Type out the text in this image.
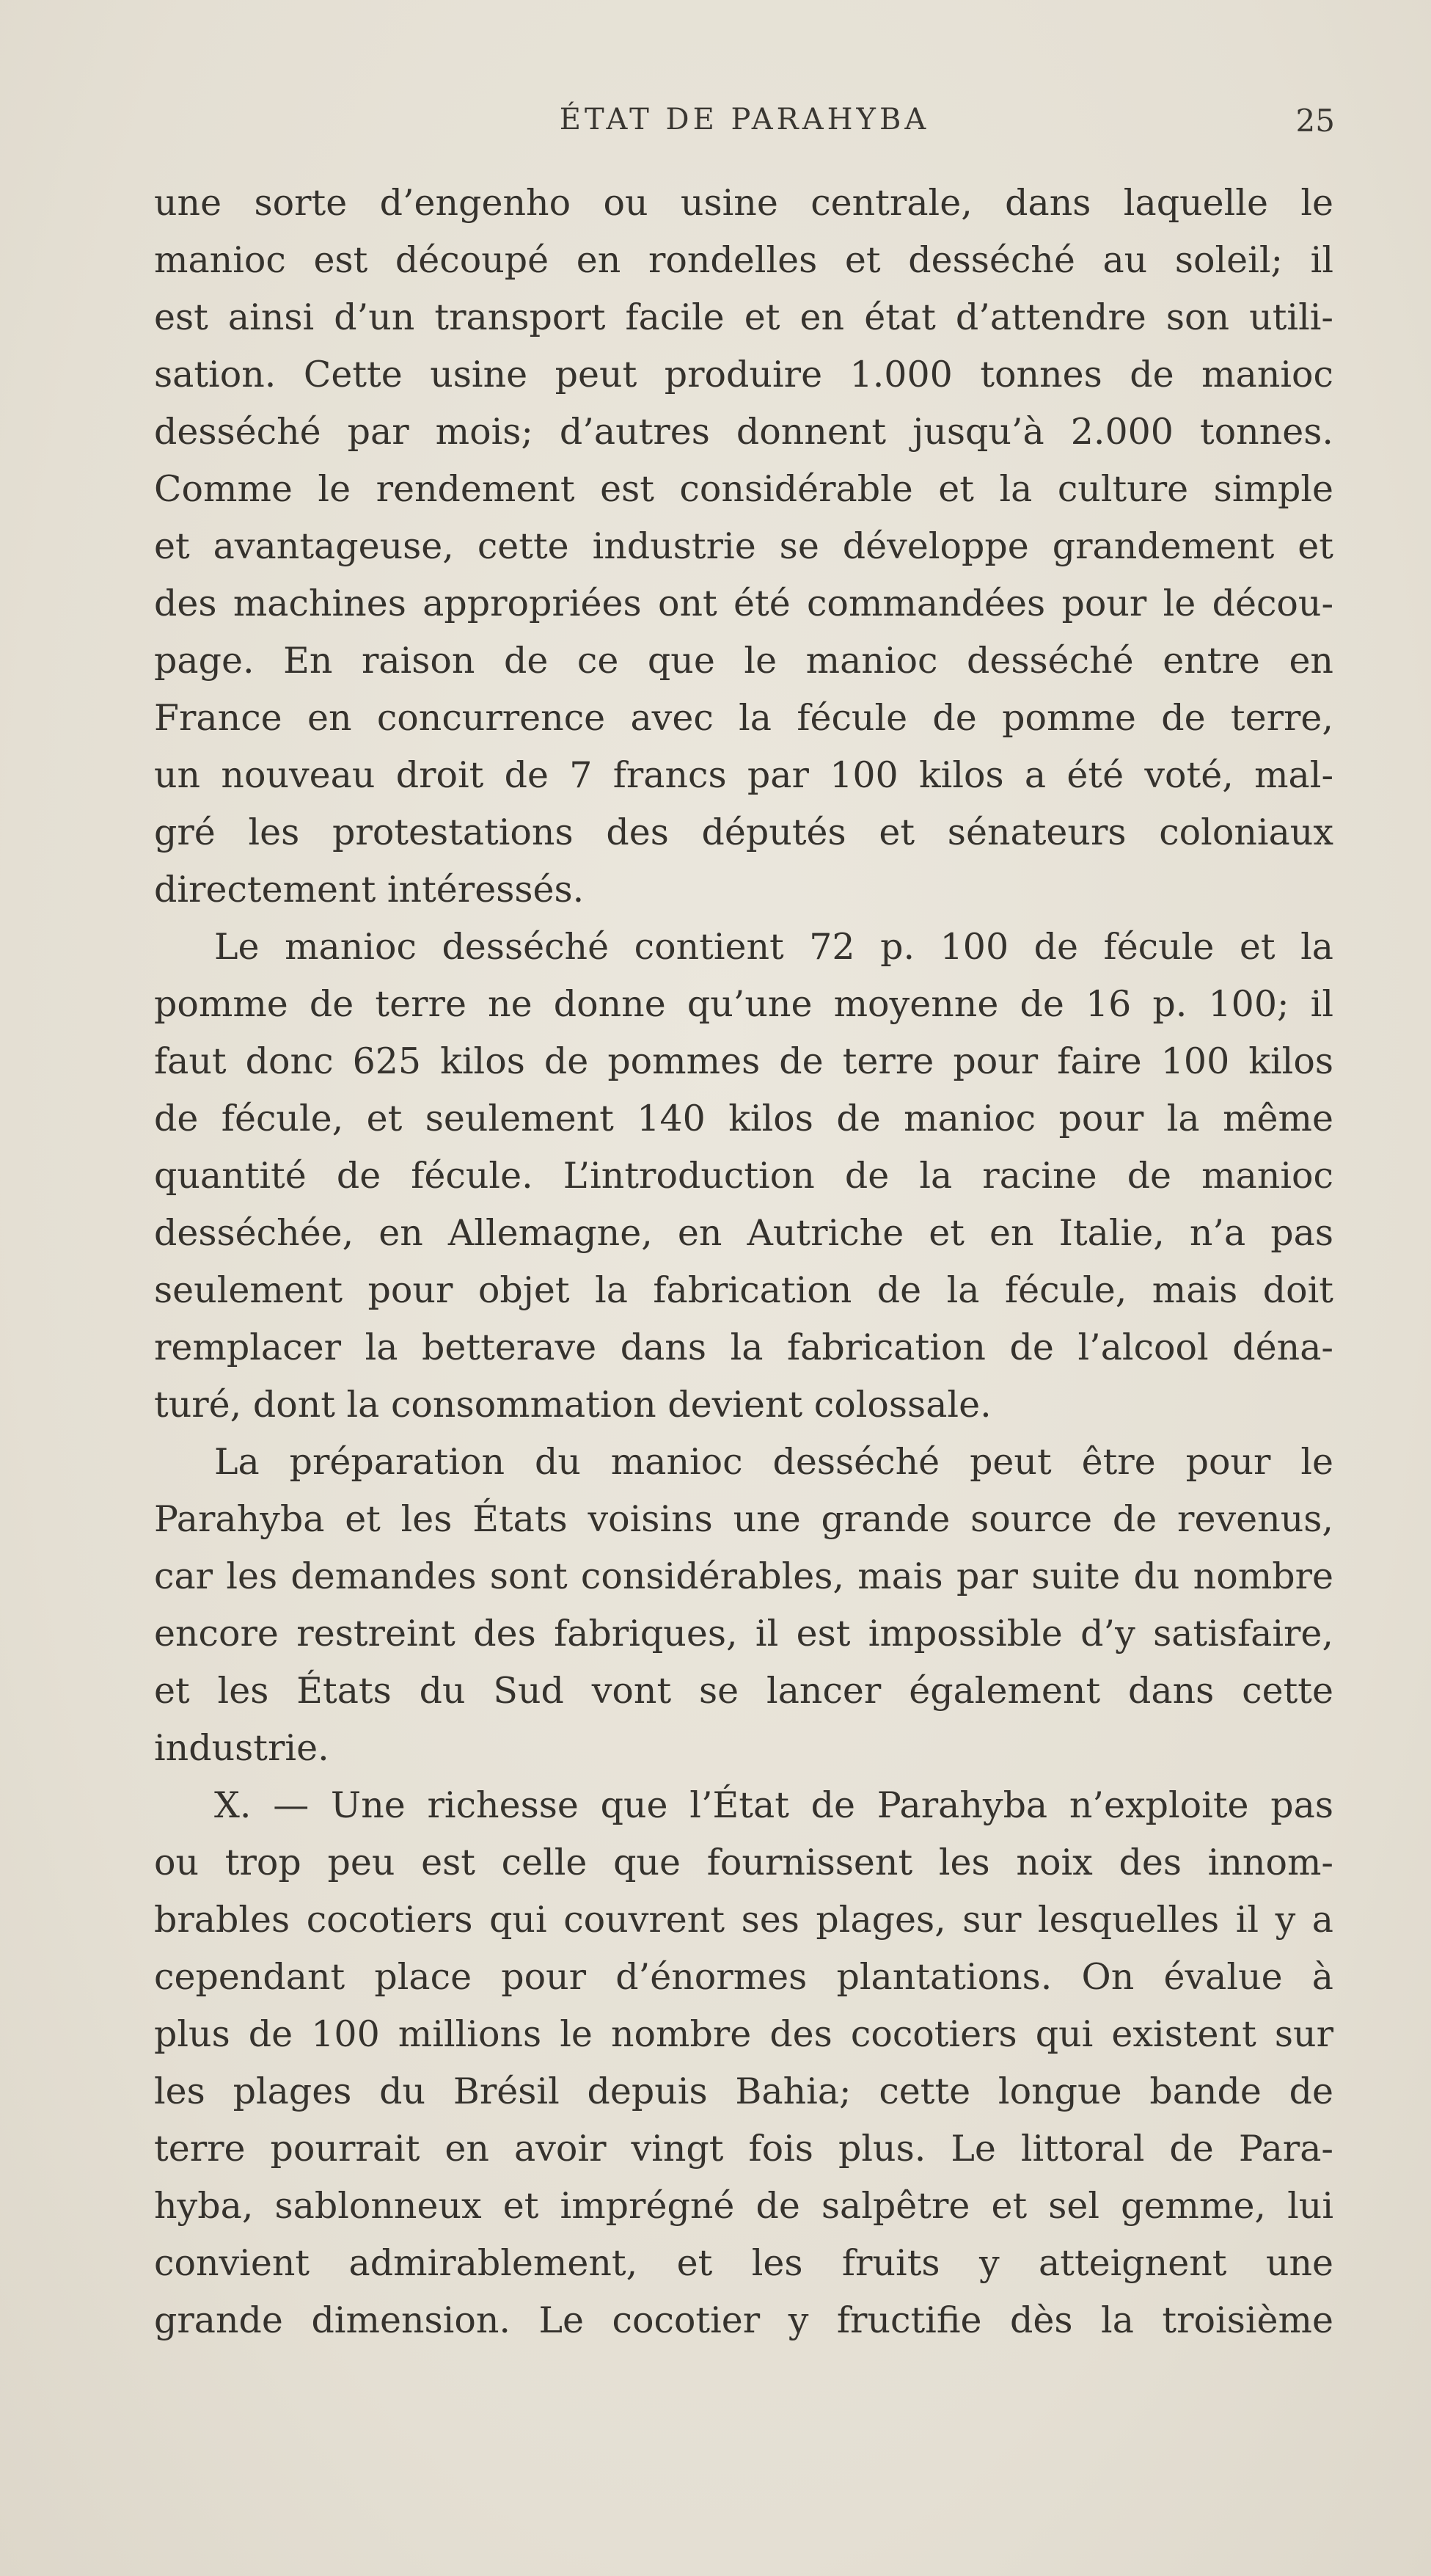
ÉTAT DE PARAHYBA	25
une sorte d’engenho ou usine centrale, dans laquelle le
manioc est découpé en rondelles et desséché au soleil; il
est ainsi d’un transport facile et en état d’attendre son utili-
sation. Cette usine peut produire 1.000 tonnes de manioc
desséché par mois; d’autres donnent jusqu’à 2.000 tonnes.
Comme le rendement est considérable et la culture simple
et avantageuse, cette industrie se développe grandement et
des machines appropriées ont été commandées pour le décou-
page. En raison de ce que le manioc desséché entre en
France en concurrence avec la fécule de pomme de terre,
un nouveau droit de 7 francs par 100 kilos a été voté, mal-
gré les protestations des députés et sénateurs coloniaux
directement intéressés.
Le manioc desséché contient 72 p. 100 de fécule et la
pomme de terre ne donne qu’une moyenne de 16 p. 100; il
faut donc 625 kilos de pommes de terre pour faire 100 kilos
de fécule, et seulement 140 kilos de manioc pour la même
quantité de fécule. L’introduction de la racine de manioc
desséchée, en Allemagne, en Autriche et en Italie, n’a pas
seulement pour objet la fabrication de la fécule, mais doit
remplacer la betterave dans la fabrication de l’alcool déna-
turé, dont la consommation devient colossale.
La préparation du manioc desséché peut être pour le
Parahyba et les États voisins une grande source de revenus,
car les demandes sont considérables, mais par suite du nombre
encore restreint des fabriques, il est impossible d’y satisfaire,
et les États du Sud vont se lancer également dans cette
industrie.
X. — Une richesse que l’État de Parahyba n’exploite pas
ou trop peu est celle que fournissent les noix des innom-
brables cocotiers qui couvrent ses plages, sur lesquelles il y a
cependant place pour d’énormes plantations. On évalue à
plus de 100 millions le nombre des cocotiers qui existent sur
les plages du Brésil depuis Bahia; cette longue bande de
terre pourrait en avoir vingt fois plus. Le littoral de Para-
hyba, sablonneux et imprégné de salpêtre et sel gemme, lui
convient admirablement, et les fruits y atteignent une
grande dimension. Le cocotier y fructifie dès la troisième
